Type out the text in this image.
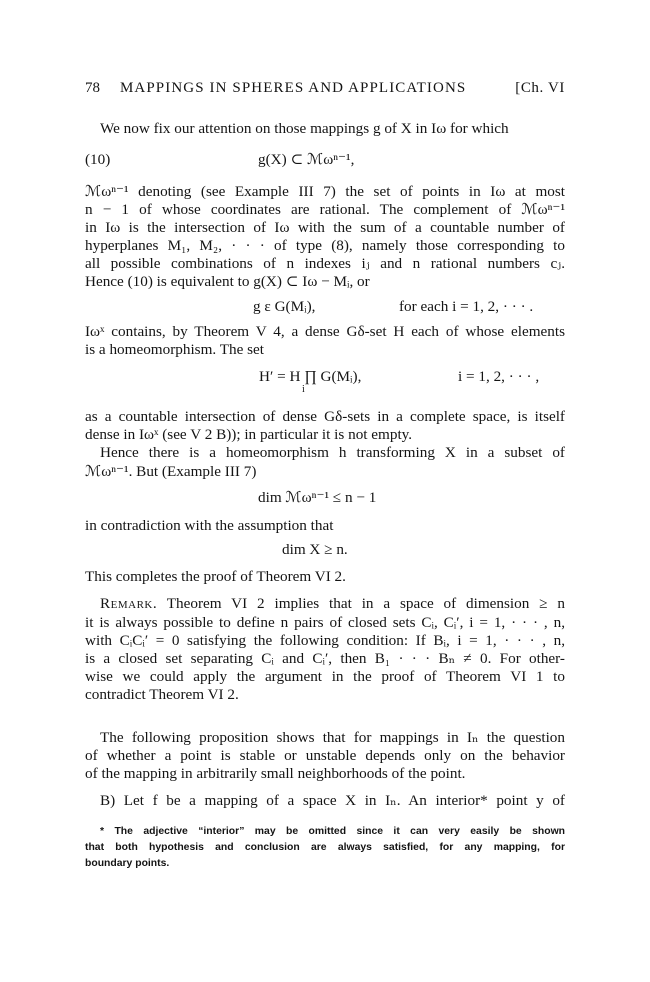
78 MAPPINGS IN SPHERES AND APPLICATIONS	[Ch. VI
We now fix our attention on those mappings g of X in Iω for which
(10)	g(X) ⊂ ℳωⁿ⁻¹,
ℳωⁿ⁻¹ denoting (see Example III 7) the set of points in Iω at most
n − 1 of whose coordinates are rational. The complement of ℳωⁿ⁻¹
in Iω is the intersection of Iω with the sum of a countable number of
hyperplanes M₁, M₂, · · · of type (8), namely those corresponding to
all possible combinations of n indexes iⱼ and n rational numbers cⱼ.
Hence (10) is equivalent to g(X) ⊂ Iω − Mᵢ, or
g ε G(Mᵢ),	for each i = 1, 2, · · · .
Iωˣ contains, by Theorem V 4, a dense Gδ-set H each of whose elements
is a homeomorphism. The set
H′ = H ∏ G(Mᵢ),
i
i = 1, 2, · · · ,
as a countable intersection of dense Gδ-sets in a complete space, is itself
dense in Iωˣ (see V 2 B)); in particular it is not empty.
Hence there is a homeomorphism h transforming X in a subset of
ℳωⁿ⁻¹. But (Example III 7)
dim ℳωⁿ⁻¹ ≤ n − 1
in contradiction with the assumption that
dim X ≥ n.
This completes the proof of Theorem VI 2.
Remark. Theorem VI 2 implies that in a space of dimension ≥ n
it is always possible to define n pairs of closed sets Cᵢ, Cᵢ′, i = 1, · · · , n,
with CᵢCᵢ′ = 0 satisfying the following condition: If Bᵢ, i = 1, · · · , n,
is a closed set separating Cᵢ and Cᵢ′, then B₁ · · · Bₙ ≠ 0. For other-
wise we could apply the argument in the proof of Theorem VI 1 to
contradict Theorem VI 2.
The following proposition shows that for mappings in Iₙ the question
of whether a point is stable or unstable depends only on the behavior
of the mapping in arbitrarily small neighborhoods of the point.
B) Let f be a mapping of a space X in Iₙ. An interior* point y of
* The adjective “interior” may be omitted since it can very easily be shown
that both hypothesis and conclusion are always satisfied, for any mapping, for
boundary points.
